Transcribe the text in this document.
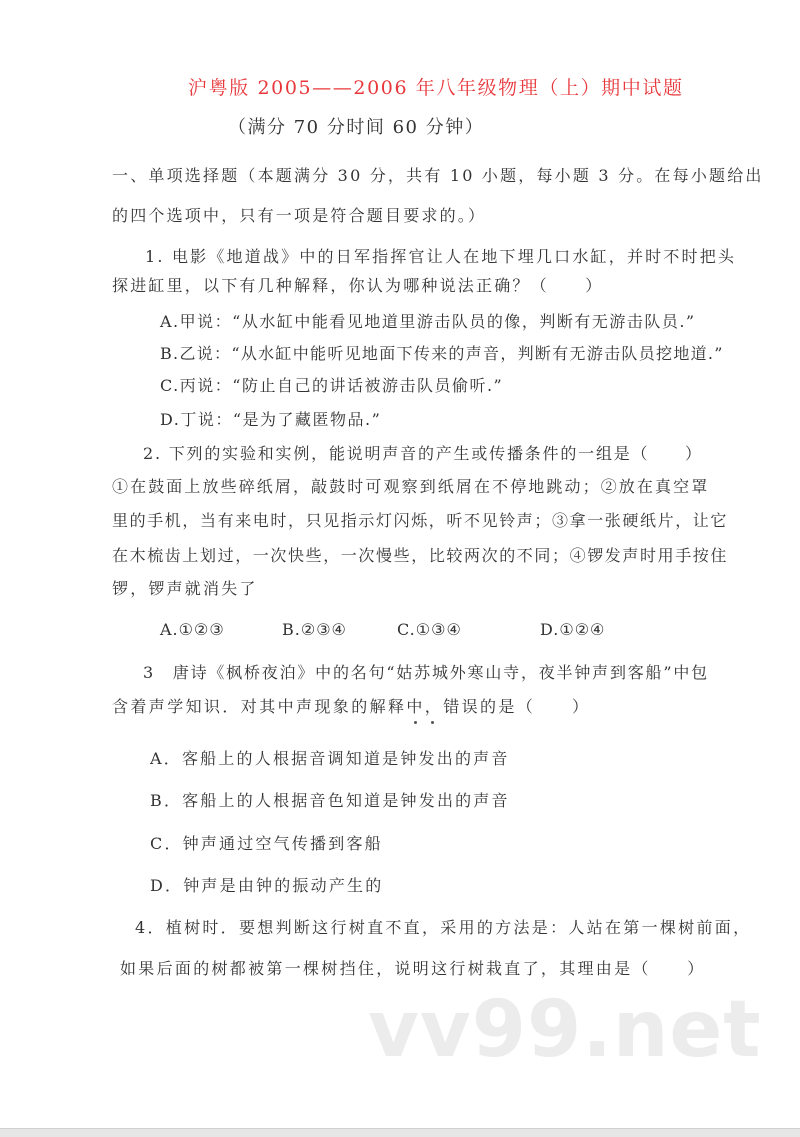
沪粤版 2005——2006 年八年级物理（上）期中试题
（满分 70 分时间 60 分钟）
一、单项选择题（本题满分 30 分，共有 10 小题，每小题 3 分。在每小题给出
的四个选项中，只有一项是符合题目要求的。）
1. 电影《地道战》中的日军指挥官让人在地下埋几口水缸，并时不时把头
探进缸里，以下有几种解释，你认为哪种说法正确？（　　）
A.甲说：“从水缸中能看见地道里游击队员的像，判断有无游击队员.”
B.乙说：“从水缸中能听见地面下传来的声音，判断有无游击队员挖地道.”
C.丙说：“防止自己的讲话被游击队员偷听.”
D.丁说：“是为了藏匿物品.”
2. 下列的实验和实例，能说明声音的产生或传播条件的一组是（　　）
①在鼓面上放些碎纸屑，敲鼓时可观察到纸屑在不停地跳动；②放在真空罩
里的手机，当有来电时，只见指示灯闪烁，听不见铃声；③拿一张硬纸片，让它
在木梳齿上划过，一次快些，一次慢些，比较两次的不同；④锣发声时用手按住
锣，锣声就消失了
A.①②③	B.②③④	C.①③④	D.①②④
3　唐诗《枫桥夜泊》中的名句“姑苏城外寒山寺，夜半钟声到客船”中包
含着声学知识．对其中声现象的解释中，错误的是（　　）
A．客船上的人根据音调知道是钟发出的声音
B．客船上的人根据音色知道是钟发出的声音
C．钟声通过空气传播到客船
D．钟声是由钟的振动产生的
4．植树时．要想判断这行树直不直，采用的方法是：人站在第一棵树前面，
如果后面的树都被第一棵树挡住，说明这行树栽直了，其理由是（　　）
vv99.net
